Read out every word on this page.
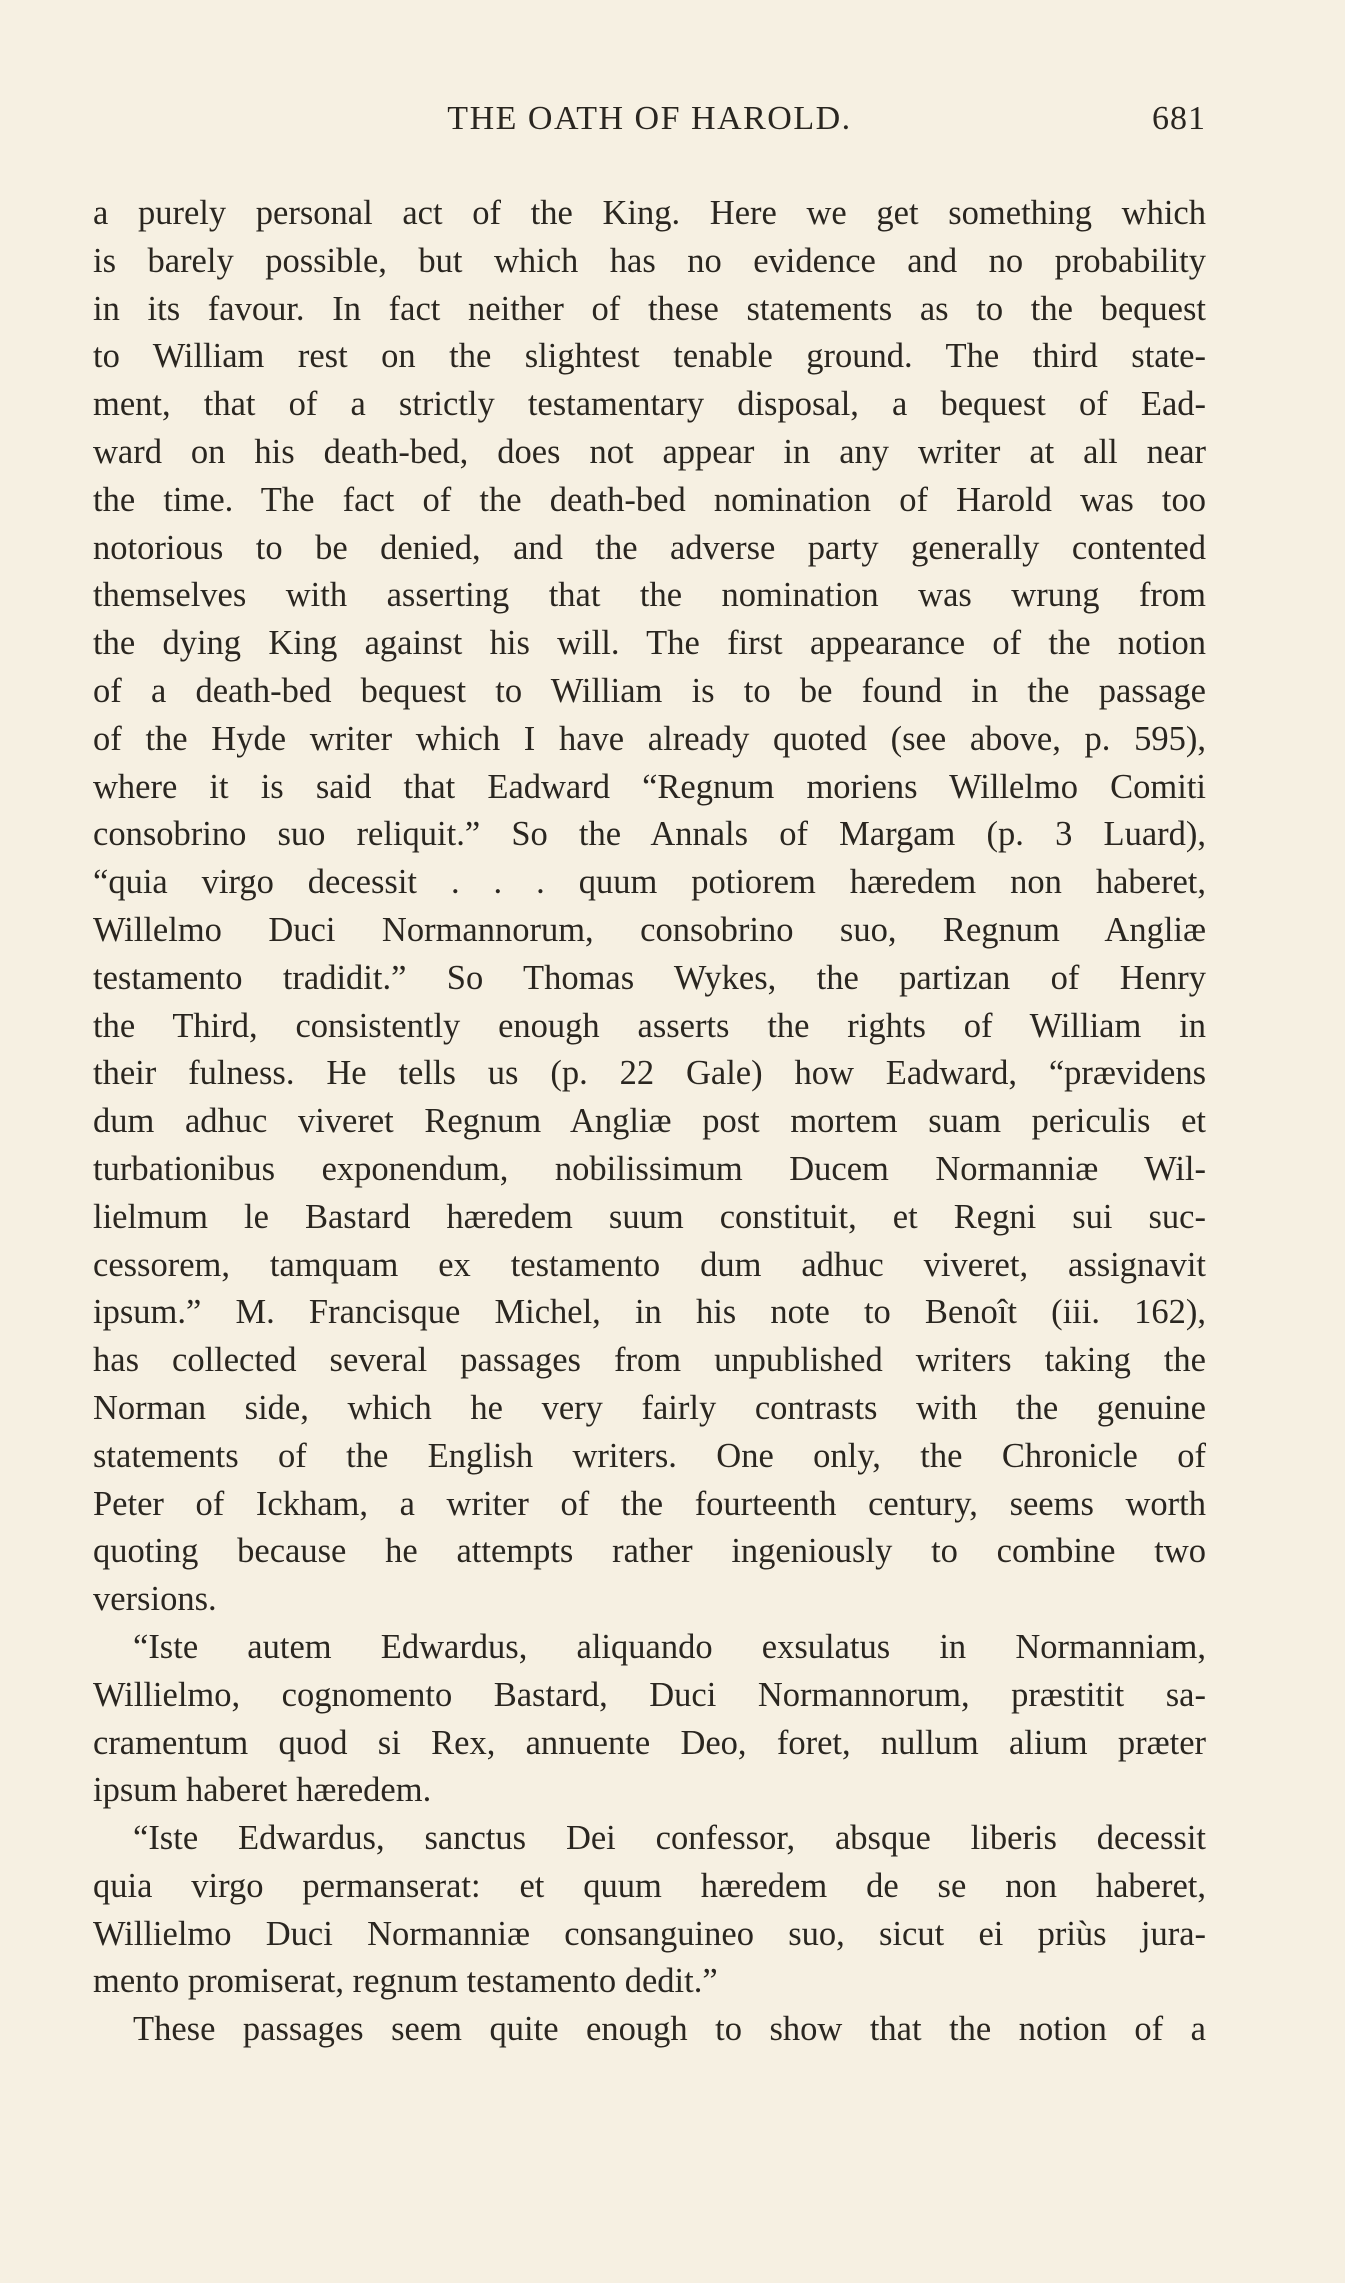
THE OATH OF HAROLD.	681
a purely personal act of the King. Here we get something which
is barely possible, but which has no evidence and no probability
in its favour. In fact neither of these statements as to the bequest
to William rest on the slightest tenable ground. The third state-
ment, that of a strictly testamentary disposal, a bequest of Ead-
ward on his death-bed, does not appear in any writer at all near
the time. The fact of the death-bed nomination of Harold was too
notorious to be denied, and the adverse party generally contented
themselves with asserting that the nomination was wrung from
the dying King against his will. The first appearance of the notion
of a death-bed bequest to William is to be found in the passage
of the Hyde writer which I have already quoted (see above, p. 595),
where it is said that Eadward “Regnum moriens Willelmo Comiti
consobrino suo reliquit.” So the Annals of Margam (p. 3 Luard),
“quia virgo decessit . . . quum potiorem hæredem non haberet,
Willelmo Duci Normannorum, consobrino suo, Regnum Angliæ
testamento tradidit.” So Thomas Wykes, the partizan of Henry
the Third, consistently enough asserts the rights of William in
their fulness. He tells us (p. 22 Gale) how Eadward, “prævidens
dum adhuc viveret Regnum Angliæ post mortem suam periculis et
turbationibus exponendum, nobilissimum Ducem Normanniæ Wil-
lielmum le Bastard hæredem suum constituit, et Regni sui suc-
cessorem, tamquam ex testamento dum adhuc viveret, assignavit
ipsum.” M. Francisque Michel, in his note to Benoît (iii. 162),
has collected several passages from unpublished writers taking the
Norman side, which he very fairly contrasts with the genuine
statements of the English writers. One only, the Chronicle of
Peter of Ickham, a writer of the fourteenth century, seems worth
quoting because he attempts rather ingeniously to combine two
versions.
“Iste autem Edwardus, aliquando exsulatus in Normanniam,
Willielmo, cognomento Bastard, Duci Normannorum, præstitit sa-
cramentum quod si Rex, annuente Deo, foret, nullum alium præter
ipsum haberet hæredem.
“Iste Edwardus, sanctus Dei confessor, absque liberis decessit
quia virgo permanserat: et quum hæredem de se non haberet,
Willielmo Duci Normanniæ consanguineo suo, sicut ei priùs jura-
mento promiserat, regnum testamento dedit.”
These passages seem quite enough to show that the notion of a
